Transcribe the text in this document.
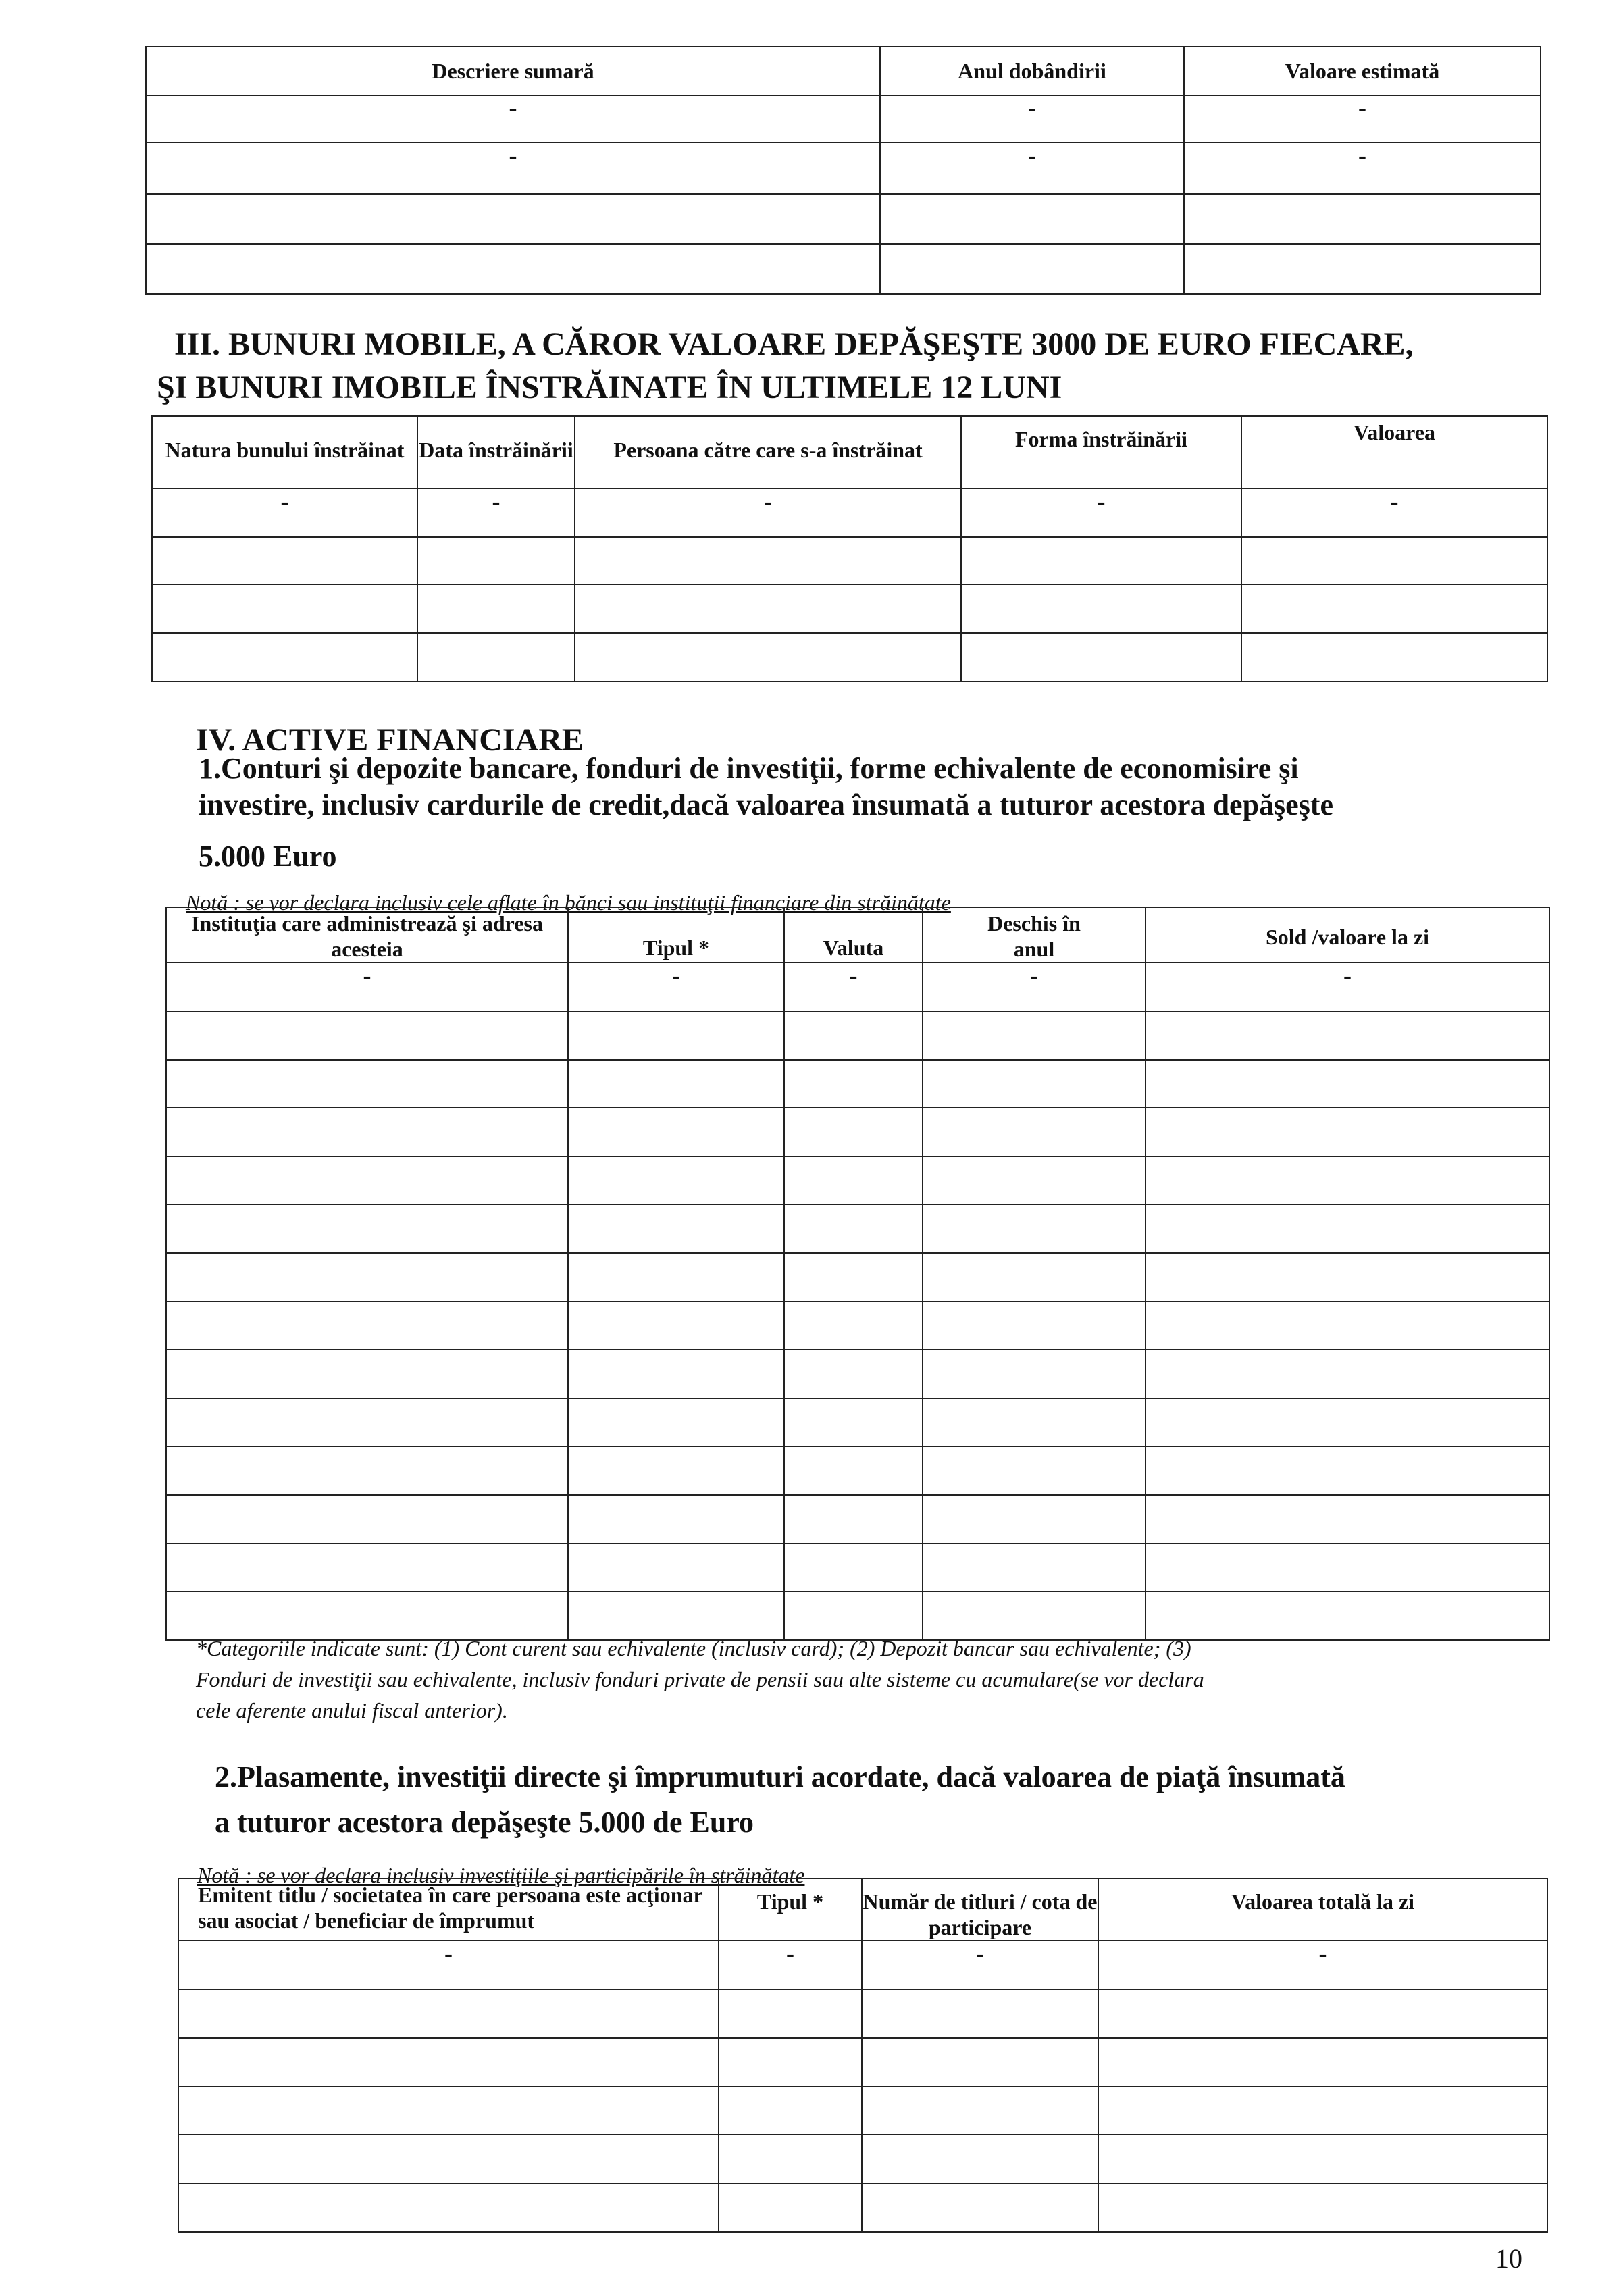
Descriere sumară	Anul dobândirii	Valoare estimată
-	-	-
-	-	-

III. BUNURI MOBILE, A CĂROR VALOARE DEPĂŞEŞTE 3000 DE EURO FIECARE,
ŞI BUNURI IMOBILE ÎNSTRĂINATE ÎN ULTIMELE 12 LUNI
Natura bunului înstrăinat	Data înstrăinării	Persoana către care s-a înstrăinat	Forma înstrăinării	Valoarea
-	-	-	-	-

IV. ACTIVE FINANCIARE
1.Conturi şi depozite bancare, fonduri de investiţii, forme echivalente de economisire şi
investire, inclusiv cardurile de credit,dacă valoarea însumată a tuturor acestora depăşeşte
5.000 Euro
Notă : se vor declara inclusiv cele aflate în bănci sau instituţii financiare din străinătate
Instituţia care administrează şi adresa acesteia	Tipul *	Valuta	Deschis în anul	Sold /valoare la zi
-	-	-	-	-

*Categoriile indicate sunt: (1) Cont curent sau echivalente (inclusiv card); (2) Depozit bancar sau echivalente; (3)
Fonduri de investiţii sau echivalente, inclusiv fonduri private de pensii sau alte sisteme cu acumulare(se vor declara
cele aferente anului fiscal anterior).
2.Plasamente, investiţii directe şi împrumuturi acordate, dacă valoarea de piaţă însumată
a tuturor acestora depăşeşte 5.000 de Euro
Notă : se vor declara inclusiv investiţiile şi participările în străinătate
Emitent titlu / societatea în care persoana este acţionar sau asociat / beneficiar de împrumut	Tipul *	Număr de titluri / cota de participare	Valoarea totală la zi
-	-	-	-

10
